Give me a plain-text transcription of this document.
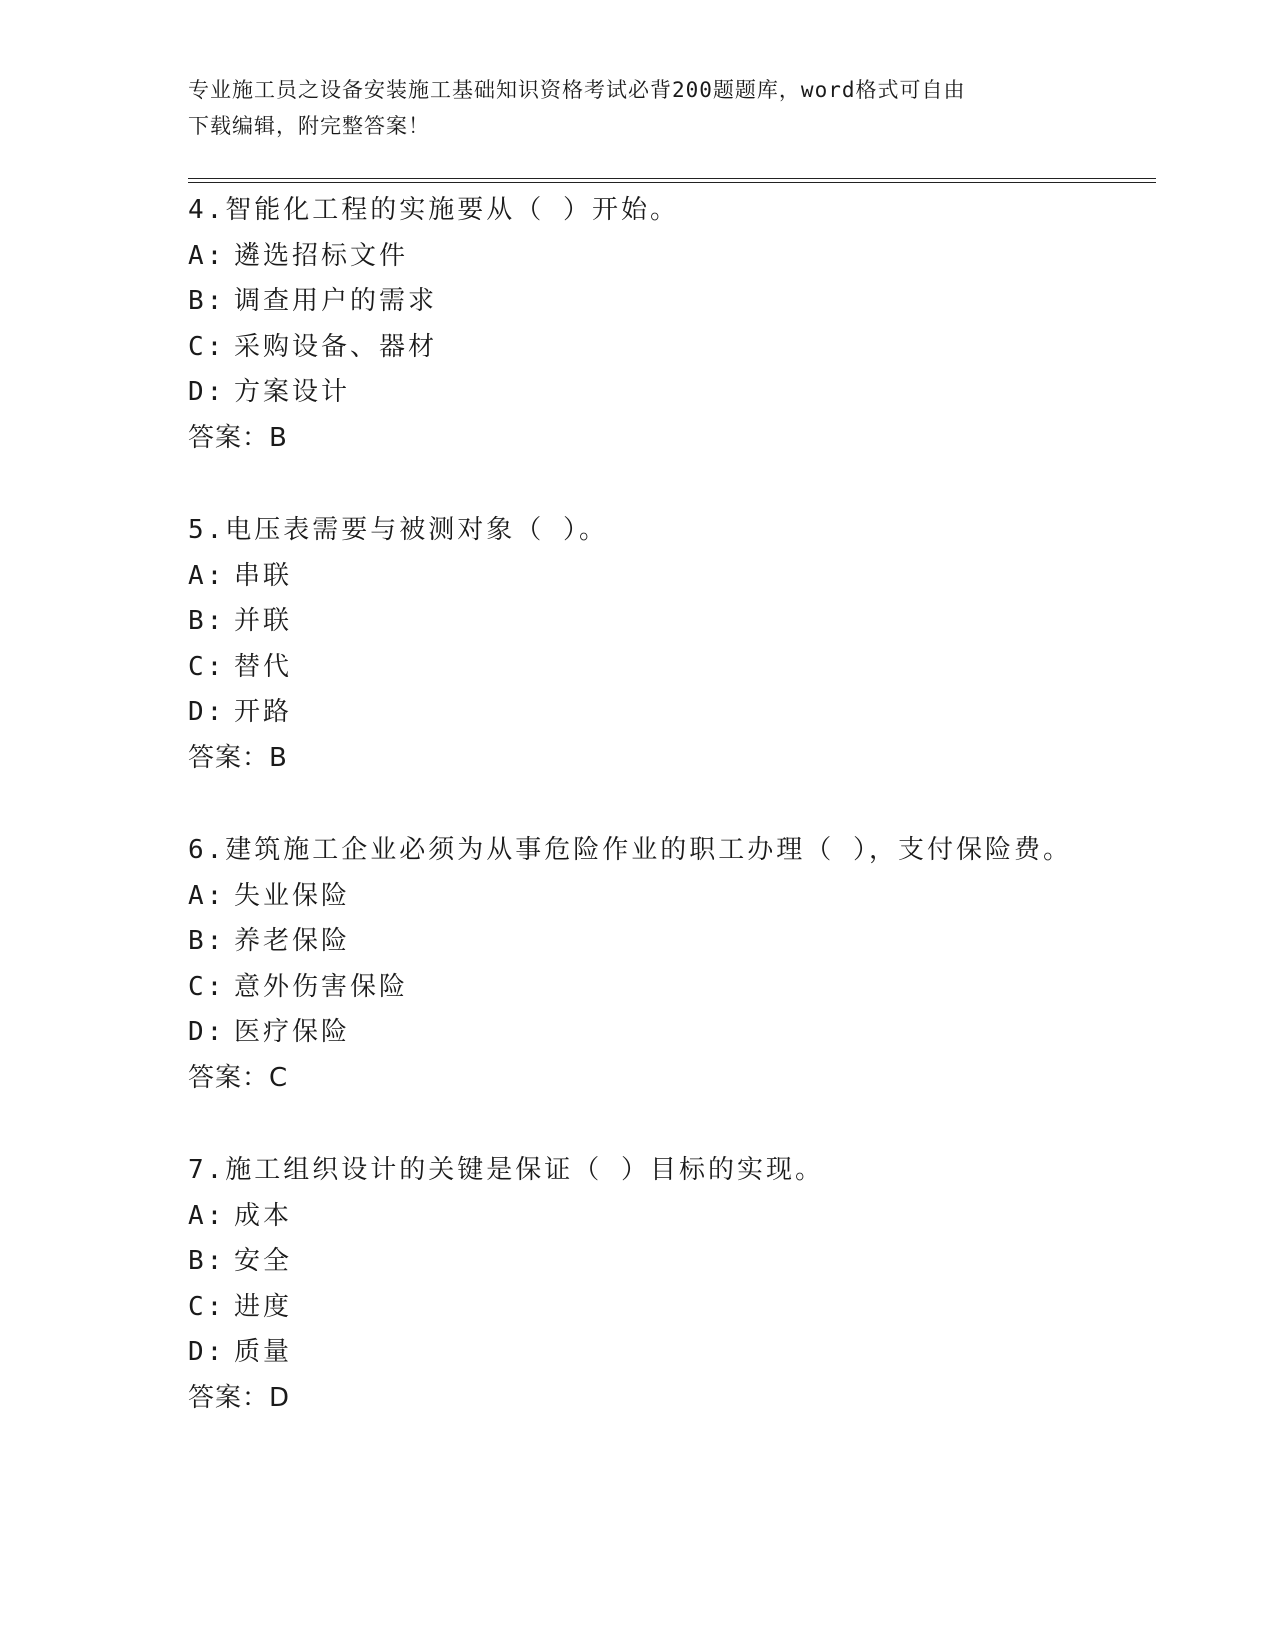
专业施工员之设备安装施工基础知识资格考试必背200题题库，word格式可自由
下载编辑，附完整答案！
4.智能化工程的实施要从（ ）开始。
A: 遴选招标文件
B: 调查用户的需求
C: 采购设备、器材
D: 方案设计
答案：B
5.电压表需要与被测对象（ ）。
A: 串联
B: 并联
C: 替代
D: 开路
答案：B
6.建筑施工企业必须为从事危险作业的职工办理（ ），支付保险费。
A: 失业保险
B: 养老保险
C: 意外伤害保险
D: 医疗保险
答案：C
7.施工组织设计的关键是保证（ ）目标的实现。
A: 成本
B: 安全
C: 进度
D: 质量
答案：D
